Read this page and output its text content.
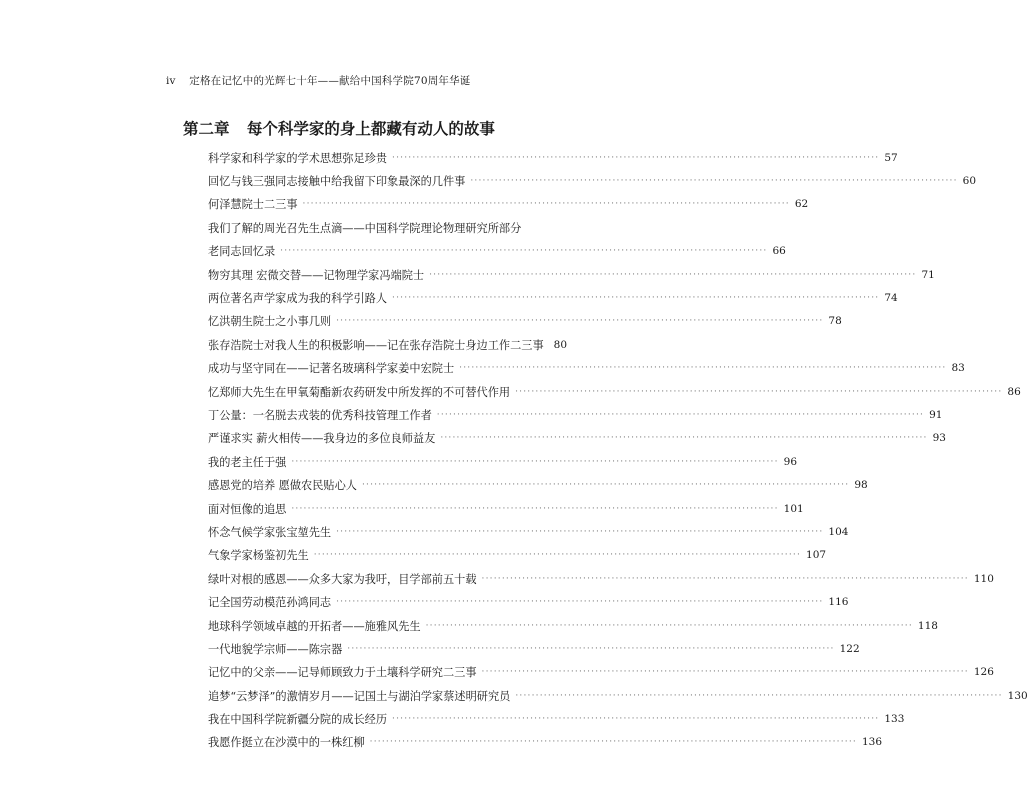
iv 定格在记忆中的光辉七十年——献给中国科学院70周年华诞
第二章 每个科学家的身上都藏有动人的故事
科学家和科学家的学术思想弥足珍贵 ························································································································ 57
回忆与钱三强同志接触中给我留下印象最深的几件事 ························································································································ 60
何泽慧院士二三事 ························································································································ 62
我们了解的周光召先生点滴——中国科学院理论物理研究所部分
老同志回忆录 ························································································································ 66
物穷其理 宏微交替——记物理学家冯端院士 ························································································································ 71
两位著名声学家成为我的科学引路人 ························································································································ 74
忆洪朝生院士之小事几则 ························································································································ 78
张存浩院士对我人生的积极影响——记在张存浩院士身边工作二三事 80
成功与坚守同在——记著名玻璃科学家姜中宏院士 ························································································································ 83
忆郑师大先生在甲氧菊酯新农药研发中所发挥的不可替代作用 ························································································································ 86
丁公量：一名脱去戎装的优秀科技管理工作者 ························································································································ 91
严谨求实 薪火相传——我身边的多位良师益友 ························································································································ 93
我的老主任于强 ························································································································ 96
感恩党的培养 愿做农民贴心人 ························································································································ 98
面对恒像的追思 ························································································································ 101
怀念气候学家张宝堃先生 ························································································································ 104
气象学家杨鉴初先生 ························································································································ 107
绿叶对根的感恩——众多大家为我吁，目学部前五十载 ························································································································ 110
记全国劳动模范孙鸿同志 ························································································································ 116
地球科学领域卓越的开拓者——施雅风先生 ························································································································ 118
一代地貌学宗师——陈宗器 ························································································································ 122
记忆中的父亲——记导师顾致力于土壤科学研究二三事 ························································································································ 126
追梦“云梦泽”的激情岁月——记国土与湖泊学家蔡述明研究员 ························································································································ 130
我在中国科学院新疆分院的成长经历 ························································································································ 133
我愿作挺立在沙漠中的一株红柳 ························································································································ 136
